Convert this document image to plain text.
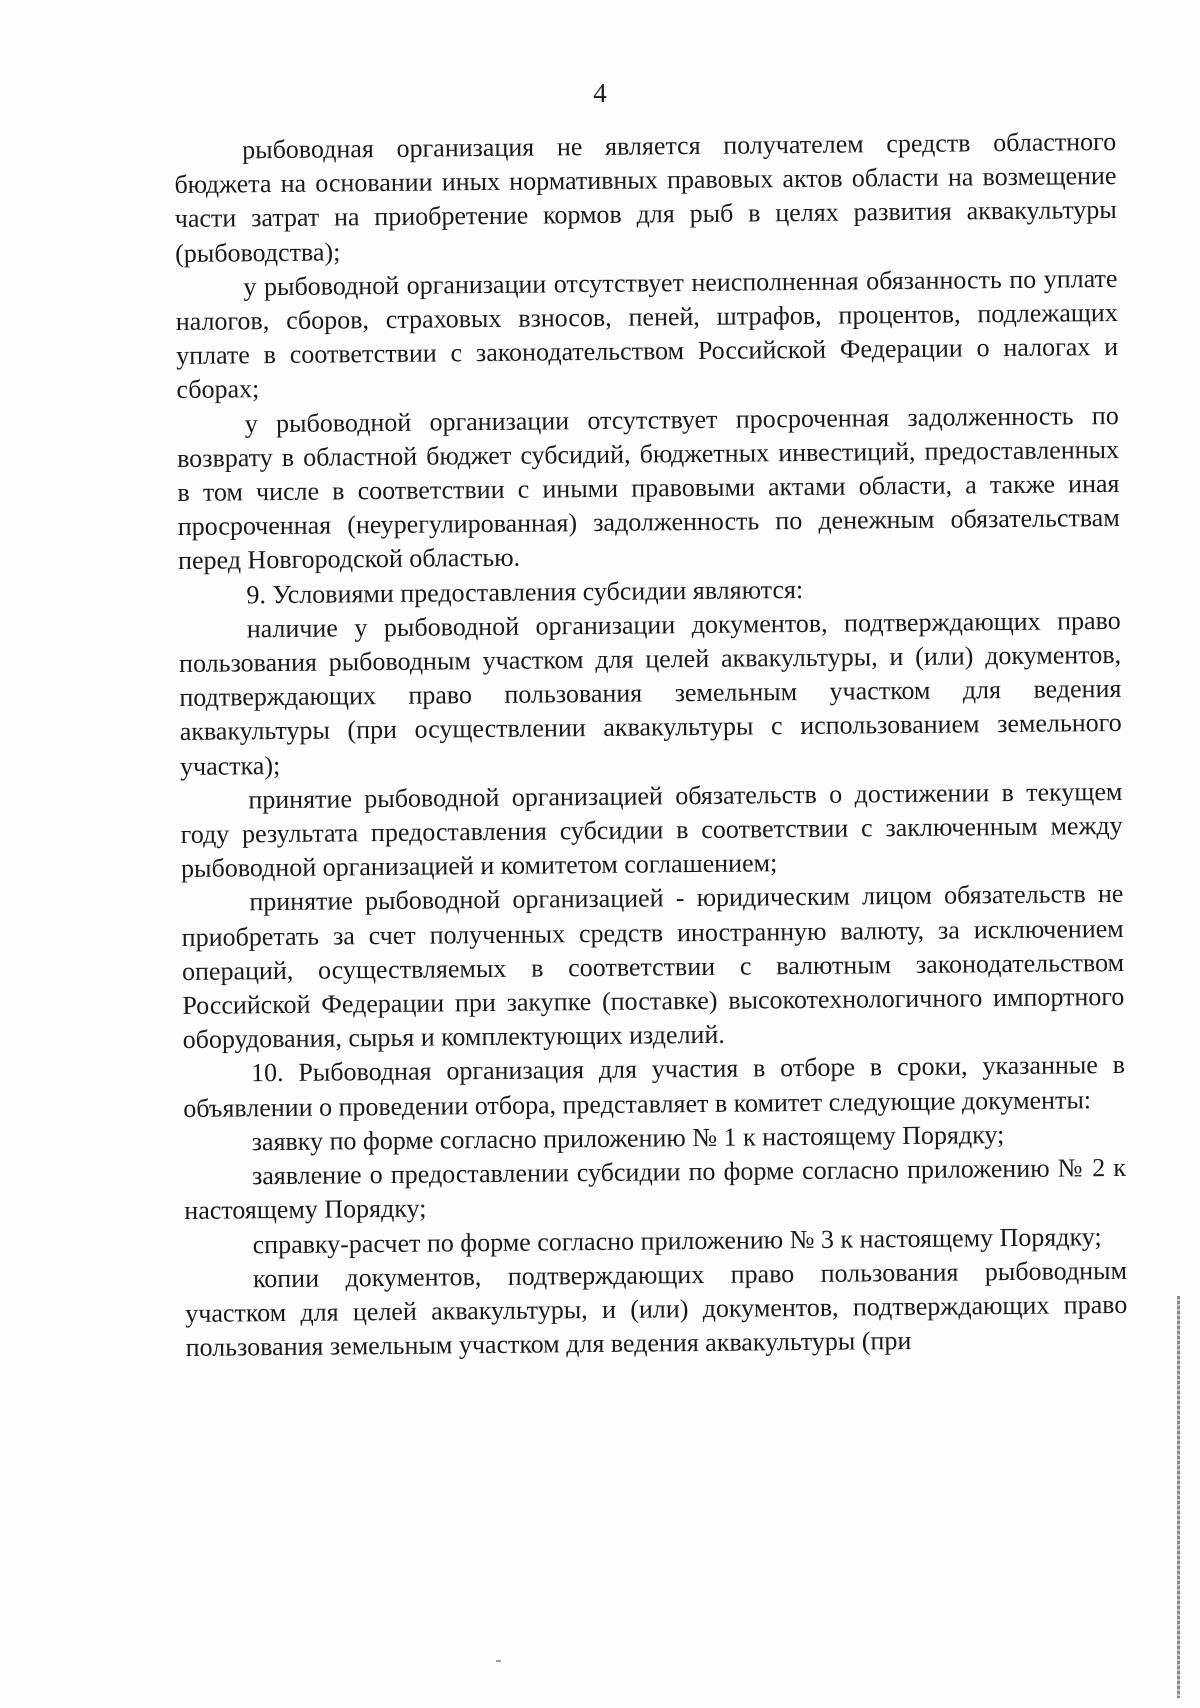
4

рыбоводная организация не является получателем средств областного бюджета на основании иных нормативных правовых актов области на возмещение части затрат на приобретение кормов для рыб в целях развития аквакультуры (рыбоводства);

у рыбоводной организации отсутствует неисполненная обязанность по уплате налогов, сборов, страховых взносов, пеней, штрафов, процентов, подлежащих уплате в соответствии с законодательством Российской Федерации о налогах и сборах;

у рыбоводной организации отсутствует просроченная задолженность по возврату в областной бюджет субсидий, бюджетных инвестиций, предоставленных в том числе в соответствии с иными правовыми актами области, а также иная просроченная (неурегулированная) задолженность по денежным обязательствам перед Новгородской областью.

9. Условиями предоставления субсидии являются:

наличие у рыбоводной организации документов, подтверждающих право пользования рыбоводным участком для целей аквакультуры, и (или) документов, подтверждающих право пользования земельным участком для ведения аквакультуры (при осуществлении аквакультуры с использованием земельного участка);

принятие рыбоводной организацией обязательств о достижении в текущем году результата предоставления субсидии в соответствии с заключенным между рыбоводной организацией и комитетом соглашением;

принятие рыбоводной организацией - юридическим лицом обязательств не приобретать за счет полученных средств иностранную валюту, за исключением операций, осуществляемых в соответствии с валютным законодательством Российской Федерации при закупке (поставке) высокотехнологичного импортного оборудования, сырья и комплектующих изделий.

10. Рыбоводная организация для участия в отборе в сроки, указанные в объявлении о проведении отбора, представляет в комитет следующие документы:

заявку по форме согласно приложению № 1 к настоящему Порядку;

заявление о предоставлении субсидии по форме согласно приложению № 2 к настоящему Порядку;

справку-расчет по форме согласно приложению № 3 к настоящему Порядку;

копии документов, подтверждающих право пользования рыбоводным участком для целей аквакультуры, и (или) документов, подтверждающих право пользования земельным участком для ведения аквакультуры (при
